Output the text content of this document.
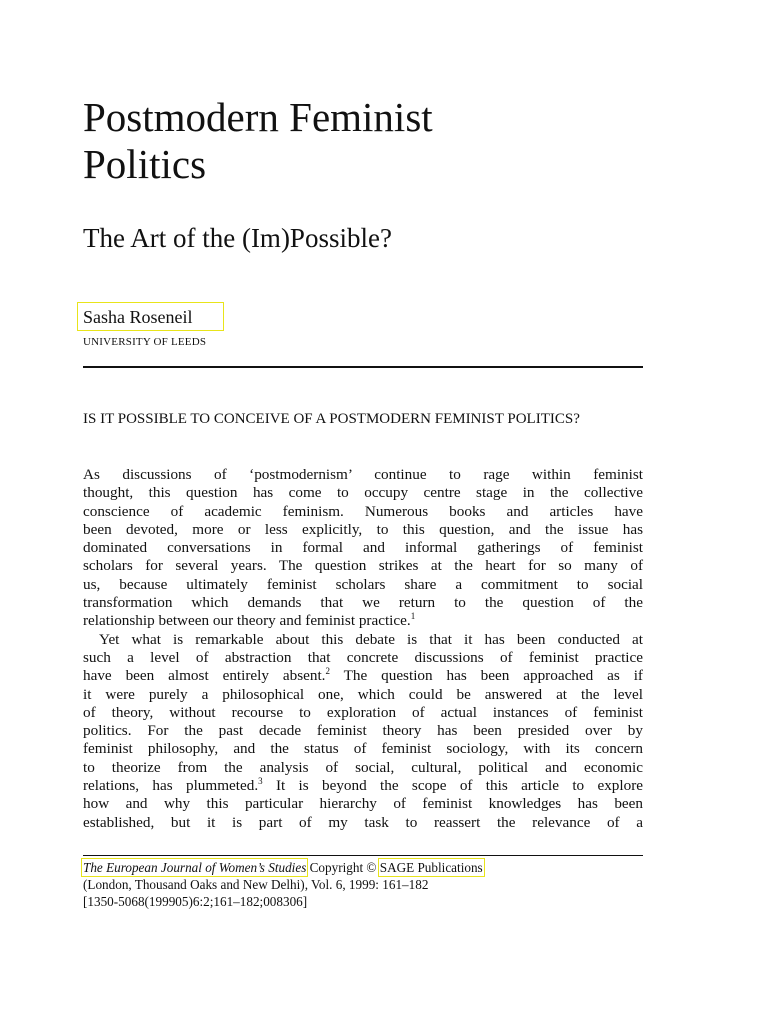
Postmodern Feminist
Politics
The Art of the (Im)Possible?
Sasha Roseneil
UNIVERSITY OF LEEDS
IS IT POSSIBLE TO CONCEIVE OF A POSTMODERN FEMINIST POLITICS?

As discussions of ‘postmodernism’ continue to rage within feminist
thought, this question has come to occupy centre stage in the collective
conscience of academic feminism. Numerous books and articles have
been devoted, more or less explicitly, to this question, and the issue has
dominated conversations in formal and informal gatherings of feminist
scholars for several years. The question strikes at the heart for so many of
us, because ultimately feminist scholars share a commitment to social
transformation which demands that we return to the question of the
relationship between our theory and feminist practice.$^1$

Yet what is remarkable about this debate is that it has been conducted at
such a level of abstraction that concrete discussions of feminist practice
have been almost entirely absent.$^2$ The question has been approached as if
it were purely a philosophical one, which could be answered at the level
of theory, without recourse to exploration of actual instances of feminist
politics. For the past decade feminist theory has been presided over by
feminist philosophy, and the status of feminist sociology, with its concern
to theorize from the analysis of social, cultural, political and economic
relations, has plummeted.$^3$ It is beyond the scope of this article to explore
how and why this particular hierarchy of feminist knowledges has been
established, but it is part of my task to reassert the relevance of a

The European Journal of Women’s Studies Copyright © SAGE Publications
(London, Thousand Oaks and New Delhi), Vol. 6, 1999: 161–182
[1350-5068(199905)6:2;161–182;008306]
